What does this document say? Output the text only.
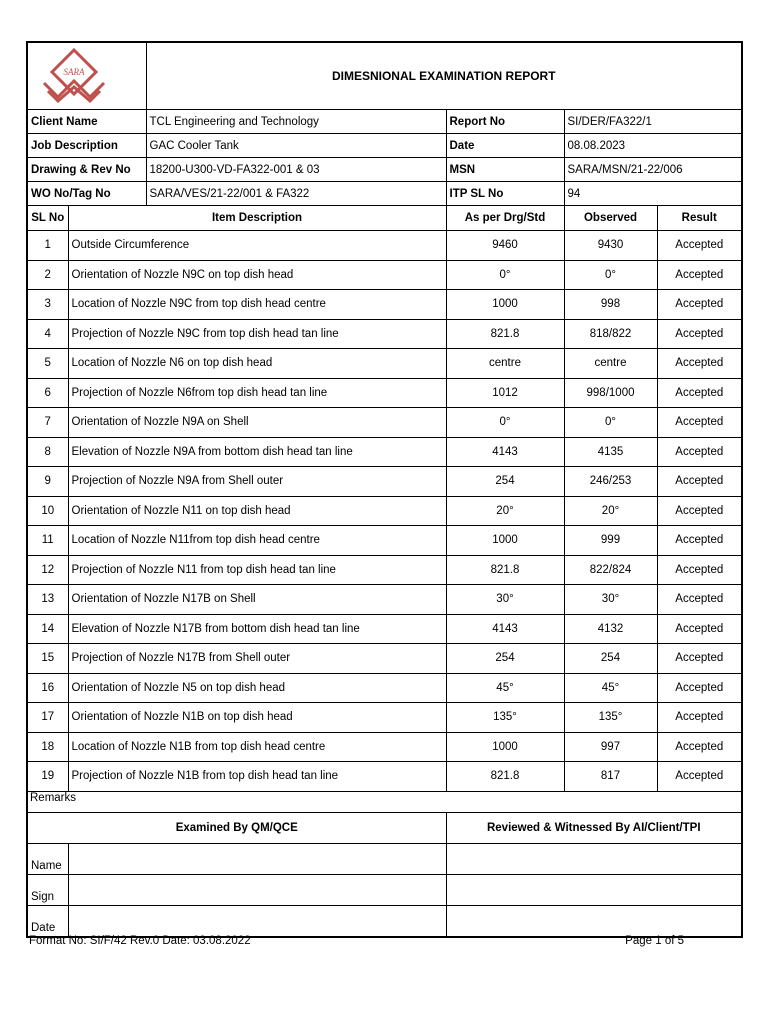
SARA		DIMESNIONAL EXAMINATION REPORT			
Client Name		TCL Engineering and Technology	Report No	SI/DER/FA322/1	
Job Description		GAC Cooler Tank	Date	08.08.2023	
Drawing & Rev No		18200-U300-VD-FA322-001 & 03	MSN	SARA/MSN/21-22/006	
WO No/Tag No		SARA/VES/21-22/001 & FA322	ITP SL No	94	
SL No	Item Description		As per Drg/Std	Observed	Result
1	Outside Circumference		9460	9430	Accepted
2	Orientation of Nozzle N9C on top dish head		0°	0°	Accepted
3	Location of Nozzle N9C from top dish head centre		1000	998	Accepted
4	Projection of Nozzle N9C from top dish head tan line		821.8	818/822	Accepted
5	Location of Nozzle N6 on top dish head		centre	centre	Accepted
6	Projection of Nozzle N6from top dish head tan line		1012	998/1000	Accepted
7	Orientation of Nozzle N9A on Shell		0°	0°	Accepted
8	Elevation of Nozzle N9A from bottom dish head tan line		4143	4135	Accepted
9	Projection of Nozzle N9A from Shell outer		254	246/253	Accepted
10	Orientation of Nozzle N11 on top dish head		20°	20°	Accepted
11	Location of Nozzle N11from top dish head centre		1000	999	Accepted
12	Projection of Nozzle N11 from top dish head tan line		821.8	822/824	Accepted
13	Orientation of Nozzle N17B on Shell		30°	30°	Accepted
14	Elevation of Nozzle N17B from bottom dish head tan line		4143	4132	Accepted
15	Projection of Nozzle N17B from Shell outer		254	254	Accepted
16	Orientation of Nozzle N5 on top dish head		45°	45°	Accepted
17	Orientation of Nozzle N1B on top dish head		135°	135°	Accepted
18	Location of Nozzle N1B from top dish head centre		1000	997	Accepted
19	Projection of Nozzle N1B from top dish head tan line		821.8	817	Accepted
Remarks					
Examined By QM/QCE			Reviewed & Witnessed By AI/Client/TPI		
Name					
Sign					
Date					
Format No: SI/F/42 Rev.0 Date: 03.08.2022	Page 1 of 5
